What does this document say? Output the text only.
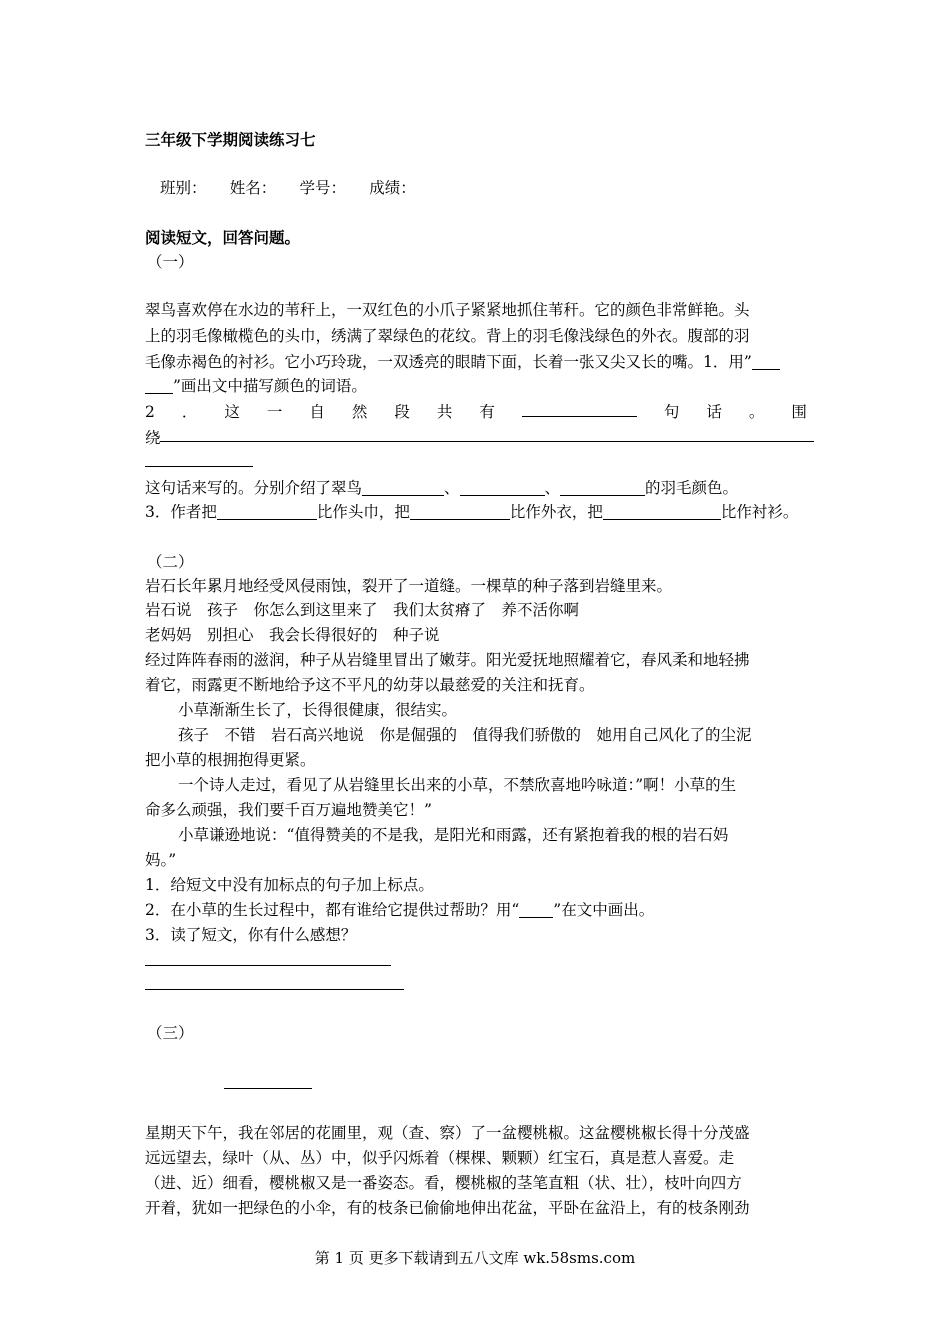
三年级下学期阅读练习七
班别：　　姓名：　　学号：　　成绩：
阅读短文，回答问题。
（一）
翠鸟喜欢停在水边的苇秆上，一双红色的小爪子紧紧地抓住苇秆。它的颜色非常鲜艳。头
上的羽毛像橄榄色的头巾，绣满了翠绿色的花纹。背上的羽毛像浅绿色的外衣。腹部的羽
毛像赤褐色的衬衫。它小巧玲珑，一双透亮的眼睛下面，长着一张又尖又长的嘴。1．用”
”画出文中描写颜色的词语。
2 ． 这 一 自 然 段 共 有	句 话 。 围
绕
这句话来写的。分别介绍了翠鸟	、	、	的羽毛颜色。
3．作者把	比作头巾，把	比作外衣，把	比作衬衫。
（二）
岩石长年累月地经受风侵雨蚀，裂开了一道缝。一棵草的种子落到岩缝里来。
岩石说　孩子　你怎么到这里来了　我们太贫瘠了　养不活你啊
老妈妈　别担心　我会长得很好的　种子说
经过阵阵春雨的滋润，种子从岩缝里冒出了嫩芽。阳光爱抚地照耀着它，春风柔和地轻拂
着它，雨露更不断地给予这不平凡的幼芽以最慈爱的关注和抚育。
小草渐渐生长了，长得很健康，很结实。
孩子　不错　岩石高兴地说　你是倔强的　值得我们骄傲的　她用自己风化了的尘泥
把小草的根拥抱得更紧。
一个诗人走过，看见了从岩缝里长出来的小草，不禁欣喜地吟咏道：”啊！小草的生
命多么顽强，我们要千百万遍地赞美它！”
小草谦逊地说：“值得赞美的不是我，是阳光和雨露，还有紧抱着我的根的岩石妈
妈。”
1．给短文中没有加标点的句子加上标点。
2．在小草的生长过程中，都有谁给它提供过帮助？用“ ”在文中画出。
3．读了短文，你有什么感想？
（三）
星期天下午，我在邻居的花圃里，观（查、察）了一盆樱桃椒。这盆樱桃椒长得十分茂盛
远远望去，绿叶（从、丛）中，似乎闪烁着（棵棵、颗颗）红宝石，真是惹人喜爱。走
（进、近）细看，樱桃椒又是一番姿态。看，樱桃椒的茎笔直粗（状、壮），枝叶向四方
开着，犹如一把绿色的小伞，有的枝条已偷偷地伸出花盆，平卧在盆沿上，有的枝条刚劲
第 1 页 更多下载请到五八文库 wk.58sms.com
